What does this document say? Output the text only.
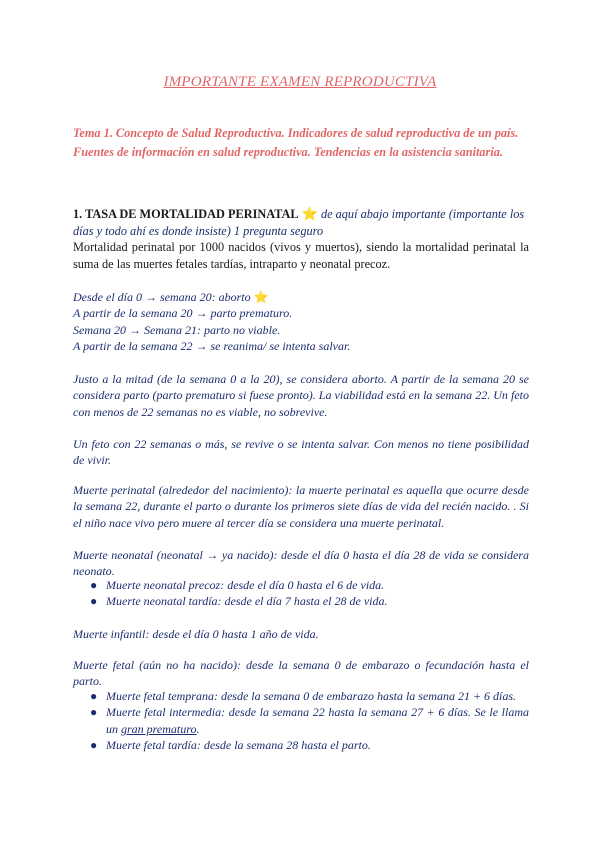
IMPORTANTE EXAMEN REPRODUCTIVA
Tema 1. Concepto de Salud Reproductiva. Indicadores de salud reproductiva de un país. Fuentes de información en salud reproductiva. Tendencias en la asistencia sanitaria.
1. TASA DE MORTALIDAD PERINATAL ⭐ de aquí abajo importante (importante los días y todo ahí es donde insiste) 1 pregunta seguro
Mortalidad perinatal por 1000 nacidos (vivos y muertos), siendo la mortalidad perinatal la suma de las muertes fetales tardías, intraparto y neonatal precoz.
Desde el día 0 → semana 20: aborto ⭐
A partir de la semana 20 → parto prematuro.
Semana 20 → Semana 21: parto no viable.
A partir de la semana 22 → se reanima/ se intenta salvar.
Justo a la mitad (de la semana 0 a la 20), se considera aborto. A partir de la semana 20 se considera parto (parto prematuro si fuese pronto). La viabilidad está en la semana 22. Un feto con menos de 22 semanas no es viable, no sobrevive.
Un feto con 22 semanas o más, se revive o se intenta salvar. Con menos no tiene posibilidad de vivir.
Muerte perinatal (alrededor del nacimiento): la muerte perinatal es aquella que ocurre desde la semana 22, durante el parto o durante los primeros siete días de vida del recién nacido. . Si el niño nace vivo pero muere al tercer día se considera una muerte perinatal.
Muerte neonatal (neonatal → ya nacido): desde el día 0 hasta el día 28 de vida se considera neonato.
● Muerte neonatal precoz: desde el día 0 hasta el 6 de vida.
● Muerte neonatal tardía: desde el día 7 hasta el 28 de vida.
Muerte infantil: desde el día 0 hasta 1 año de vida.
Muerte fetal (aún no ha nacido): desde la semana 0 de embarazo o fecundación hasta el parto.
● Muerte fetal temprana: desde la semana 0 de embarazo hasta la semana 21 + 6 días.
● Muerte fetal intermedia: desde la semana 22 hasta la semana 27 + 6 días. Se le llama un gran prematuro.
● Muerte fetal tardía: desde la semana 28 hasta el parto.
